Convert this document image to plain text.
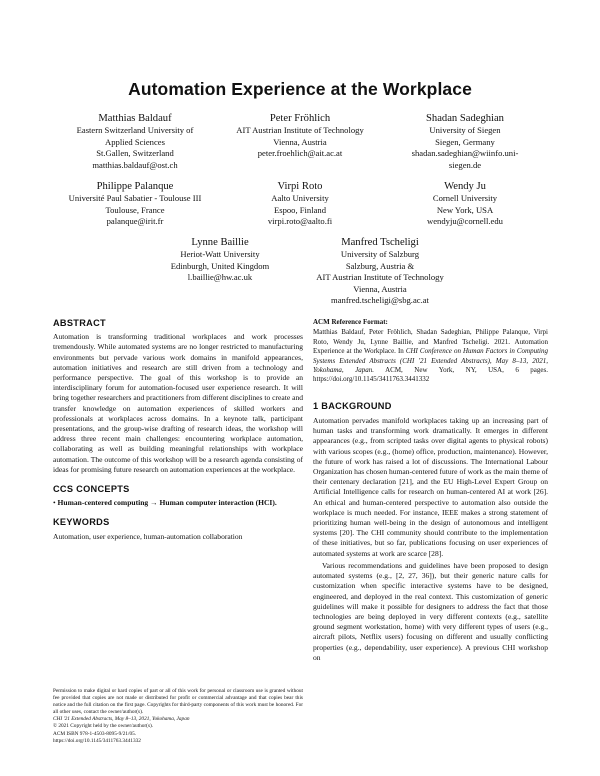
Automation Experience at the Workplace
Matthias Baldauf
Eastern Switzerland University of
Applied Sciences
St.Gallen, Switzerland
matthias.baldauf@ost.ch
Peter Fröhlich
AIT Austrian Institute of Technology
Vienna, Austria
peter.froehlich@ait.ac.at
Shadan Sadeghian
University of Siegen
Siegen, Germany
shadan.sadeghian@wiinfo.uni-
siegen.de
Philippe Palanque
Université Paul Sabatier - Toulouse III
Toulouse, France
palanque@irit.fr
Virpi Roto
Aalto University
Espoo, Finland
virpi.roto@aalto.fi
Wendy Ju
Cornell University
New York, USA
wendyju@cornell.edu
Lynne Baillie
Heriot-Watt University
Edinburgh, United Kingdom
l.baillie@hw.ac.uk
Manfred Tscheligi
University of Salzburg
Salzburg, Austria &
AIT Austrian Institute of Technology
Vienna, Austria
manfred.tscheligi@sbg.ac.at
ABSTRACT

Automation is transforming traditional workplaces and work processes tremendously. While automated systems are no longer restricted to manufacturing environments but pervade various work domains in manifold appearances, automation initiatives and research are still driven from a technology and performance perspective. The goal of this workshop is to provide an interdisciplinary forum for automation-focused user experience research. It will bring together researchers and practitioners from different disciplines to create and transfer knowledge on automation experiences of skilled workers and professionals at workplaces across domains. In a keynote talk, participant presentations, and the group-wise drafting of research ideas, the workshop will address three recent main challenges: encountering workplace automation, collaborating as well as building meaningful relationships with workplace automation. The outcome of this workshop will be a research agenda consisting of ideas for promising future research on automation experiences at the workplace.

CCS CONCEPTS

• Human-centered computing → Human computer interaction (HCI).

KEYWORDS

Automation, user experience, human-automation collaboration

Permission to make digital or hard copies of part or all of this work for personal or classroom use is granted without fee provided that copies are not made or distributed for profit or commercial advantage and that copies bear this notice and the full citation on the first page. Copyrights for third-party components of this work must be honored. For all other uses, contact the owner/author(s).

CHI '21 Extended Abstracts, May 8–13, 2021, Yokohama, Japan

© 2021 Copyright held by the owner/author(s).

ACM ISBN 978-1-4503-8095-9/21/05.

https://doi.org/10.1145/3411763.3441332

ACM Reference Format:

Matthias Baldauf, Peter Fröhlich, Shadan Sadeghian, Philippe Palanque, Virpi Roto, Wendy Ju, Lynne Baillie, and Manfred Tscheligi. 2021. Automation Experience at the Workplace. In CHI Conference on Human Factors in Computing Systems Extended Abstracts (CHI '21 Extended Abstracts), May 8–13, 2021, Yokohama, Japan. ACM, New York, NY, USA, 6 pages. https://doi.org/10.1145/3411763.3441332

1 BACKGROUND

Automation pervades manifold workplaces taking up an increasing part of human tasks and transforming work dramatically. It emerges in different appearances (e.g., from scripted tasks over digital agents to physical robots) with various scopes (e.g., (home) office, production, maintenance). However, the future of work has raised a lot of discussions. The International Labour Organization has chosen human-centered future of work as the main theme of their centenary declaration [21], and the EU High-Level Expert Group on Artificial Intelligence calls for research on human-centered AI at work [26]. An ethical and human-centered perspective to automation also outside the workplace is much needed. For instance, IEEE makes a strong statement of prioritizing human well-being in the design of autonomous and intelligent systems [20]. The CHI community should contribute to the implementation of these initiatives, but so far, publications focusing on user experiences of automated systems at work are scarce [28].

Various recommendations and guidelines have been proposed to design automated systems (e.g., [2, 27, 36]), but their generic nature calls for customization when specific interactive systems have to be designed, engineered, and deployed in the real context. This customization of generic guidelines will make it possible for designers to address the fact that those technologies are being deployed in very different contexts (e.g., satellite ground segment workstation, home) with very different types of users (e.g., aircraft pilots, Netflix users) focusing on different and usually conflicting properties (e.g., dependability, user experience). A previous CHI workshop on
